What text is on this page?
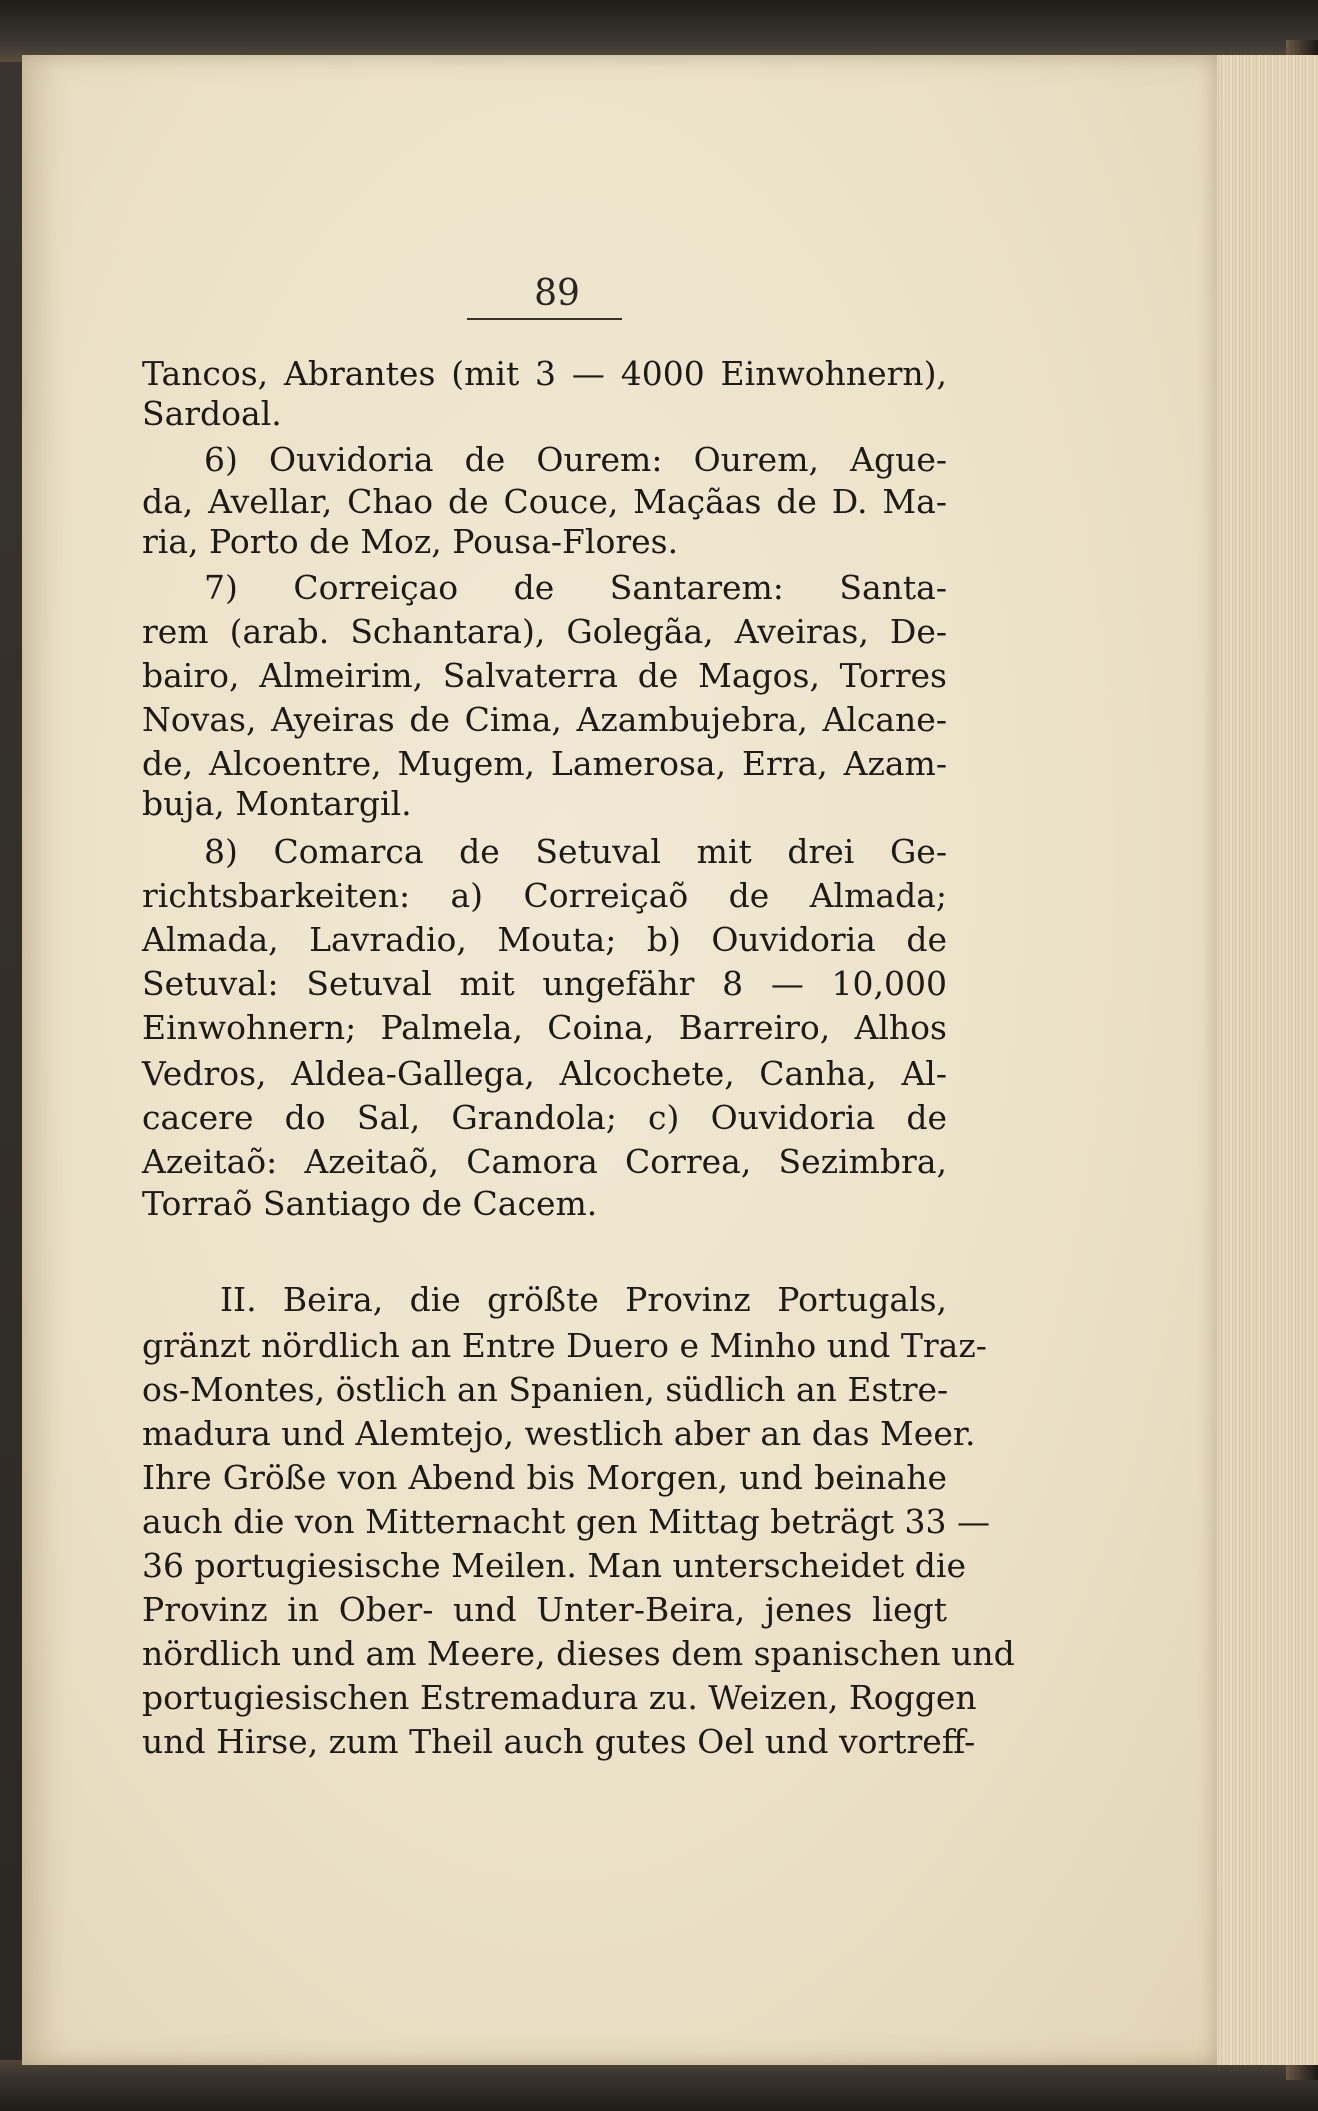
89
Tancos, Abrantes (mit 3 — 4000 Einwohnern),
Sardoal.
6) Ouvidoria de Ourem: Ourem, Ague-
da, Avellar, Chao de Couce, Maçãas de D. Ma-
ria, Porto de Moz, Pousa-Flores.
7) Correiçao de Santarem: Santa-
rem (arab. Schantara), Golegãa, Aveiras, De-
bairo, Almeirim, Salvaterra de Magos, Torres
Novas, Ayeiras de Cima, Azambujebra, Alcane-
de, Alcoentre, Mugem, Lamerosa, Erra, Azam-
buja, Montargil.
8) Comarca de Setuval mit drei Ge-
richtsbarkeiten: a) Correiçaõ de Almada;
Almada, Lavradio, Mouta; b) Ouvidoria de
Setuval: Setuval mit ungefähr 8 — 10,000
Einwohnern; Palmela, Coina, Barreiro, Alhos
Vedros, Aldea-Gallega, Alcochete, Canha, Al-
cacere do Sal, Grandola; c) Ouvidoria de
Azeitaõ: Azeitaõ, Camora Correa, Sezimbra,
Torraõ Santiago de Cacem.
II. Beira, die größte Provinz Portugals,
gränzt nördlich an Entre Duero e Minho und Traz-
os-Montes, östlich an Spanien, südlich an Estre-
madura und Alemtejo, westlich aber an das Meer.
Ihre Größe von Abend bis Morgen, und beinahe
auch die von Mitternacht gen Mittag beträgt 33 —
36 portugiesische Meilen. Man unterscheidet die
Provinz in Ober- und Unter-Beira, jenes liegt
nördlich und am Meere, dieses dem spanischen und
portugiesischen Estremadura zu. Weizen, Roggen
und Hirse, zum Theil auch gutes Oel und vortreff-
